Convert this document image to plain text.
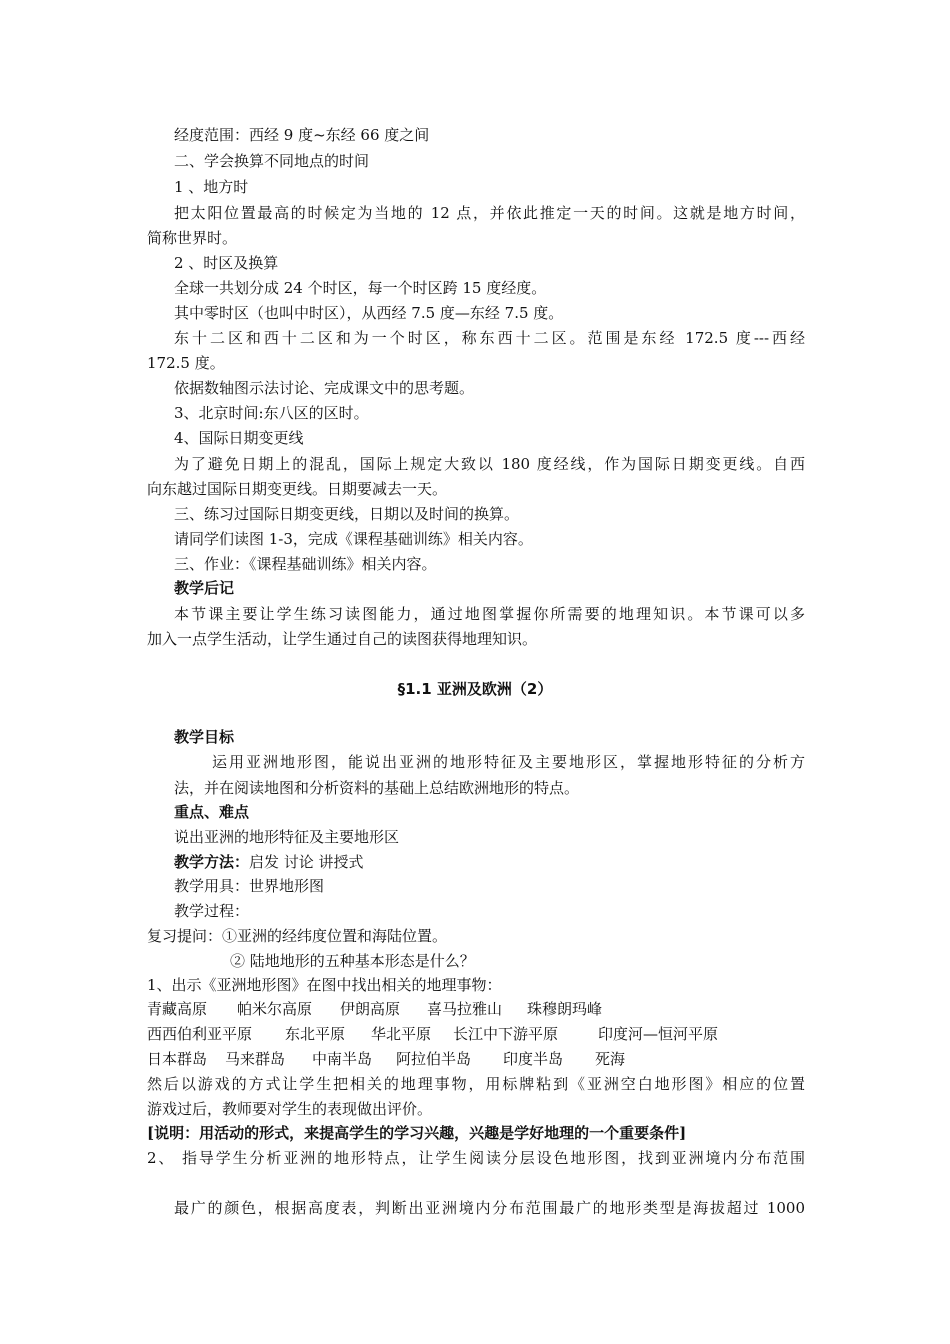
经度范围：西经 9 度~东经 66 度之间
二、学会换算不同地点的时间
1 、地方时
把太阳位置最高的时候定为当地的 12 点，并依此推定一天的时间。这就是地方时间，
简称世界时。
2 、时区及换算
全球一共划分成 24 个时区，每一个时区跨 15 度经度。
其中零时区（也叫中时区），从西经 7.5 度—东经 7.5 度。
东十二区和西十二区和为一个时区，称东西十二区。范围是东经 172.5 度---西经
172.5 度。
依据数轴图示法讨论、完成课文中的思考题。
3、北京时间:东八区的区时。
4、国际日期变更线
为了避免日期上的混乱，国际上规定大致以 180 度经线，作为国际日期变更线。自西
向东越过国际日期变更线。日期要减去一天。
三、练习过国际日期变更线，日期以及时间的换算。
请同学们读图 1-3，完成《课程基础训练》相关内容。
三、作业：《课程基础训练》相关内容。
教学后记
本节课主要让学生练习读图能力，通过地图掌握你所需要的地理知识。本节课可以多
加入一点学生活动，让学生通过自己的读图获得地理知识。
§1.1 亚洲及欧洲（2）
教学目标
运用亚洲地形图，能说出亚洲的地形特征及主要地形区，掌握地形特征的分析方
法，并在阅读地图和分析资料的基础上总结欧洲地形的特点。
重点、难点
说出亚洲的地形特征及主要地形区
教学方法：启发 讨论 讲授式
教学用具：世界地形图
教学过程：
复习提问：①亚洲的经纬度位置和海陆位置。
② 陆地地形的五种基本形态是什么？
1、出示《亚洲地形图》在图中找出相关的地理事物：
青藏高原 帕米尔高原 伊朗高原 喜马拉雅山 珠穆朗玛峰
西西伯利亚平原 东北平原 华北平原 长江中下游平原	印度河—恒河平原
日本群岛 马来群岛 中南半岛 阿拉伯半岛 印度半岛 死海
然后以游戏的方式让学生把相关的地理事物，用标牌粘到《亚洲空白地形图》相应的位置
游戏过后，教师要对学生的表现做出评价。
[说明：用活动的形式，来提高学生的学习兴趣，兴趣是学好地理的一个重要条件]
2、 指导学生分析亚洲的地形特点，让学生阅读分层设色地形图，找到亚洲境内分布范围
最广的颜色，根据高度表，判断出亚洲境内分布范围最广的地形类型是海拔超过 1000
